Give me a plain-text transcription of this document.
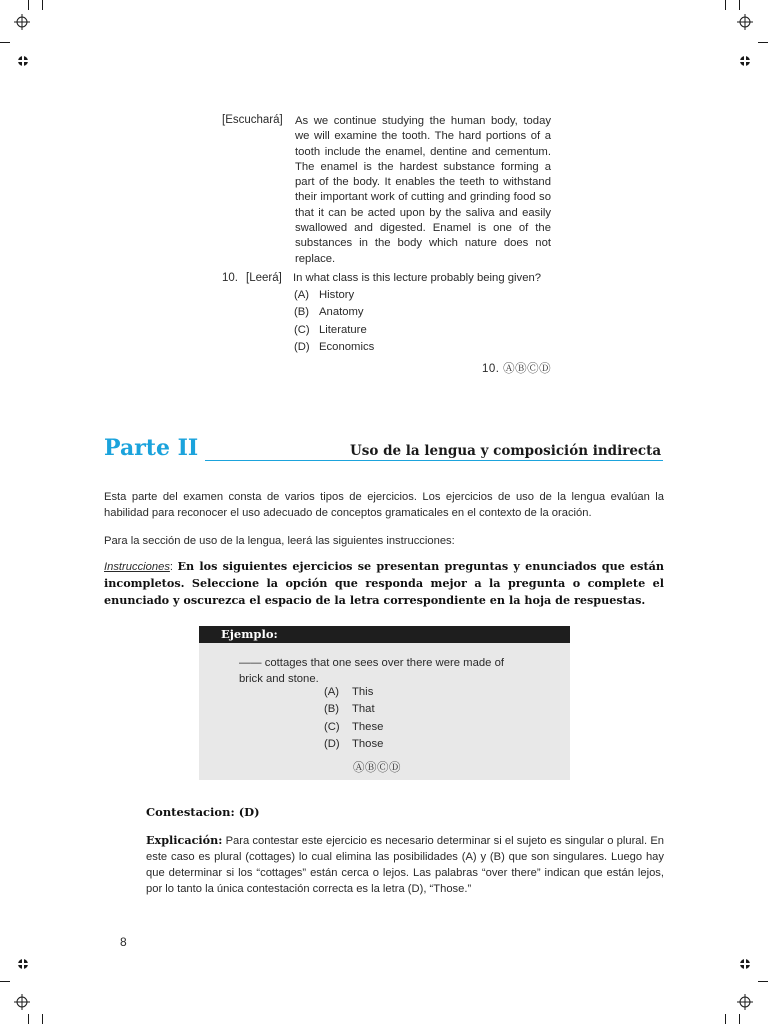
[Escuchará] As we continue studying the human body, today we will examine the tooth. The hard portions of a tooth include the enamel, dentine and cementum. The enamel is the hardest substance forming a part of the body. It enables the teeth to withstand their important work of cutting and grinding food so that it can be acted upon by the saliva and easily swallowed and digested. Enamel is one of the substances in the body which nature does not replace.
10. [Leerá] In what class is this lecture probably being given?
(A) History
(B) Anatomy
(C) Literature
(D) Economics
10. ⒶⒷⒸⒹ
Parte II	Uso de la lengua y composición indirecta
Esta parte del examen consta de varios tipos de ejercicios. Los ejercicios de uso de la lengua evalúan la habilidad para reconocer el uso adecuado de conceptos gramaticales en el contexto de la oración.
Para la sección de uso de la lengua, leerá las siguientes instrucciones:
Instrucciones: En los siguientes ejercicios se presentan preguntas y enunciados que están incompletos. Seleccione la opción que responda mejor a la pregunta o complete el enunciado y oscurezca el espacio de la letra correspondiente en la hoja de respuestas.
Ejemplo:
—— cottages that one sees over there were made of brick and stone.
(A)	This
(B)	That
(C)	These
(D)	Those
ⒶⒷⒸⒹ
Contestacion: (D)
Explicación: Para contestar este ejercicio es necesario determinar si el sujeto es singular o plural. En este caso es plural (cottages) lo cual elimina las posibilidades (A) y (B) que son singulares. Luego hay que determinar si los “cottages” están cerca o lejos. Las palabras “over there” indican que están lejos, por lo tanto la única contestación correcta es la letra (D), “Those.”
8
